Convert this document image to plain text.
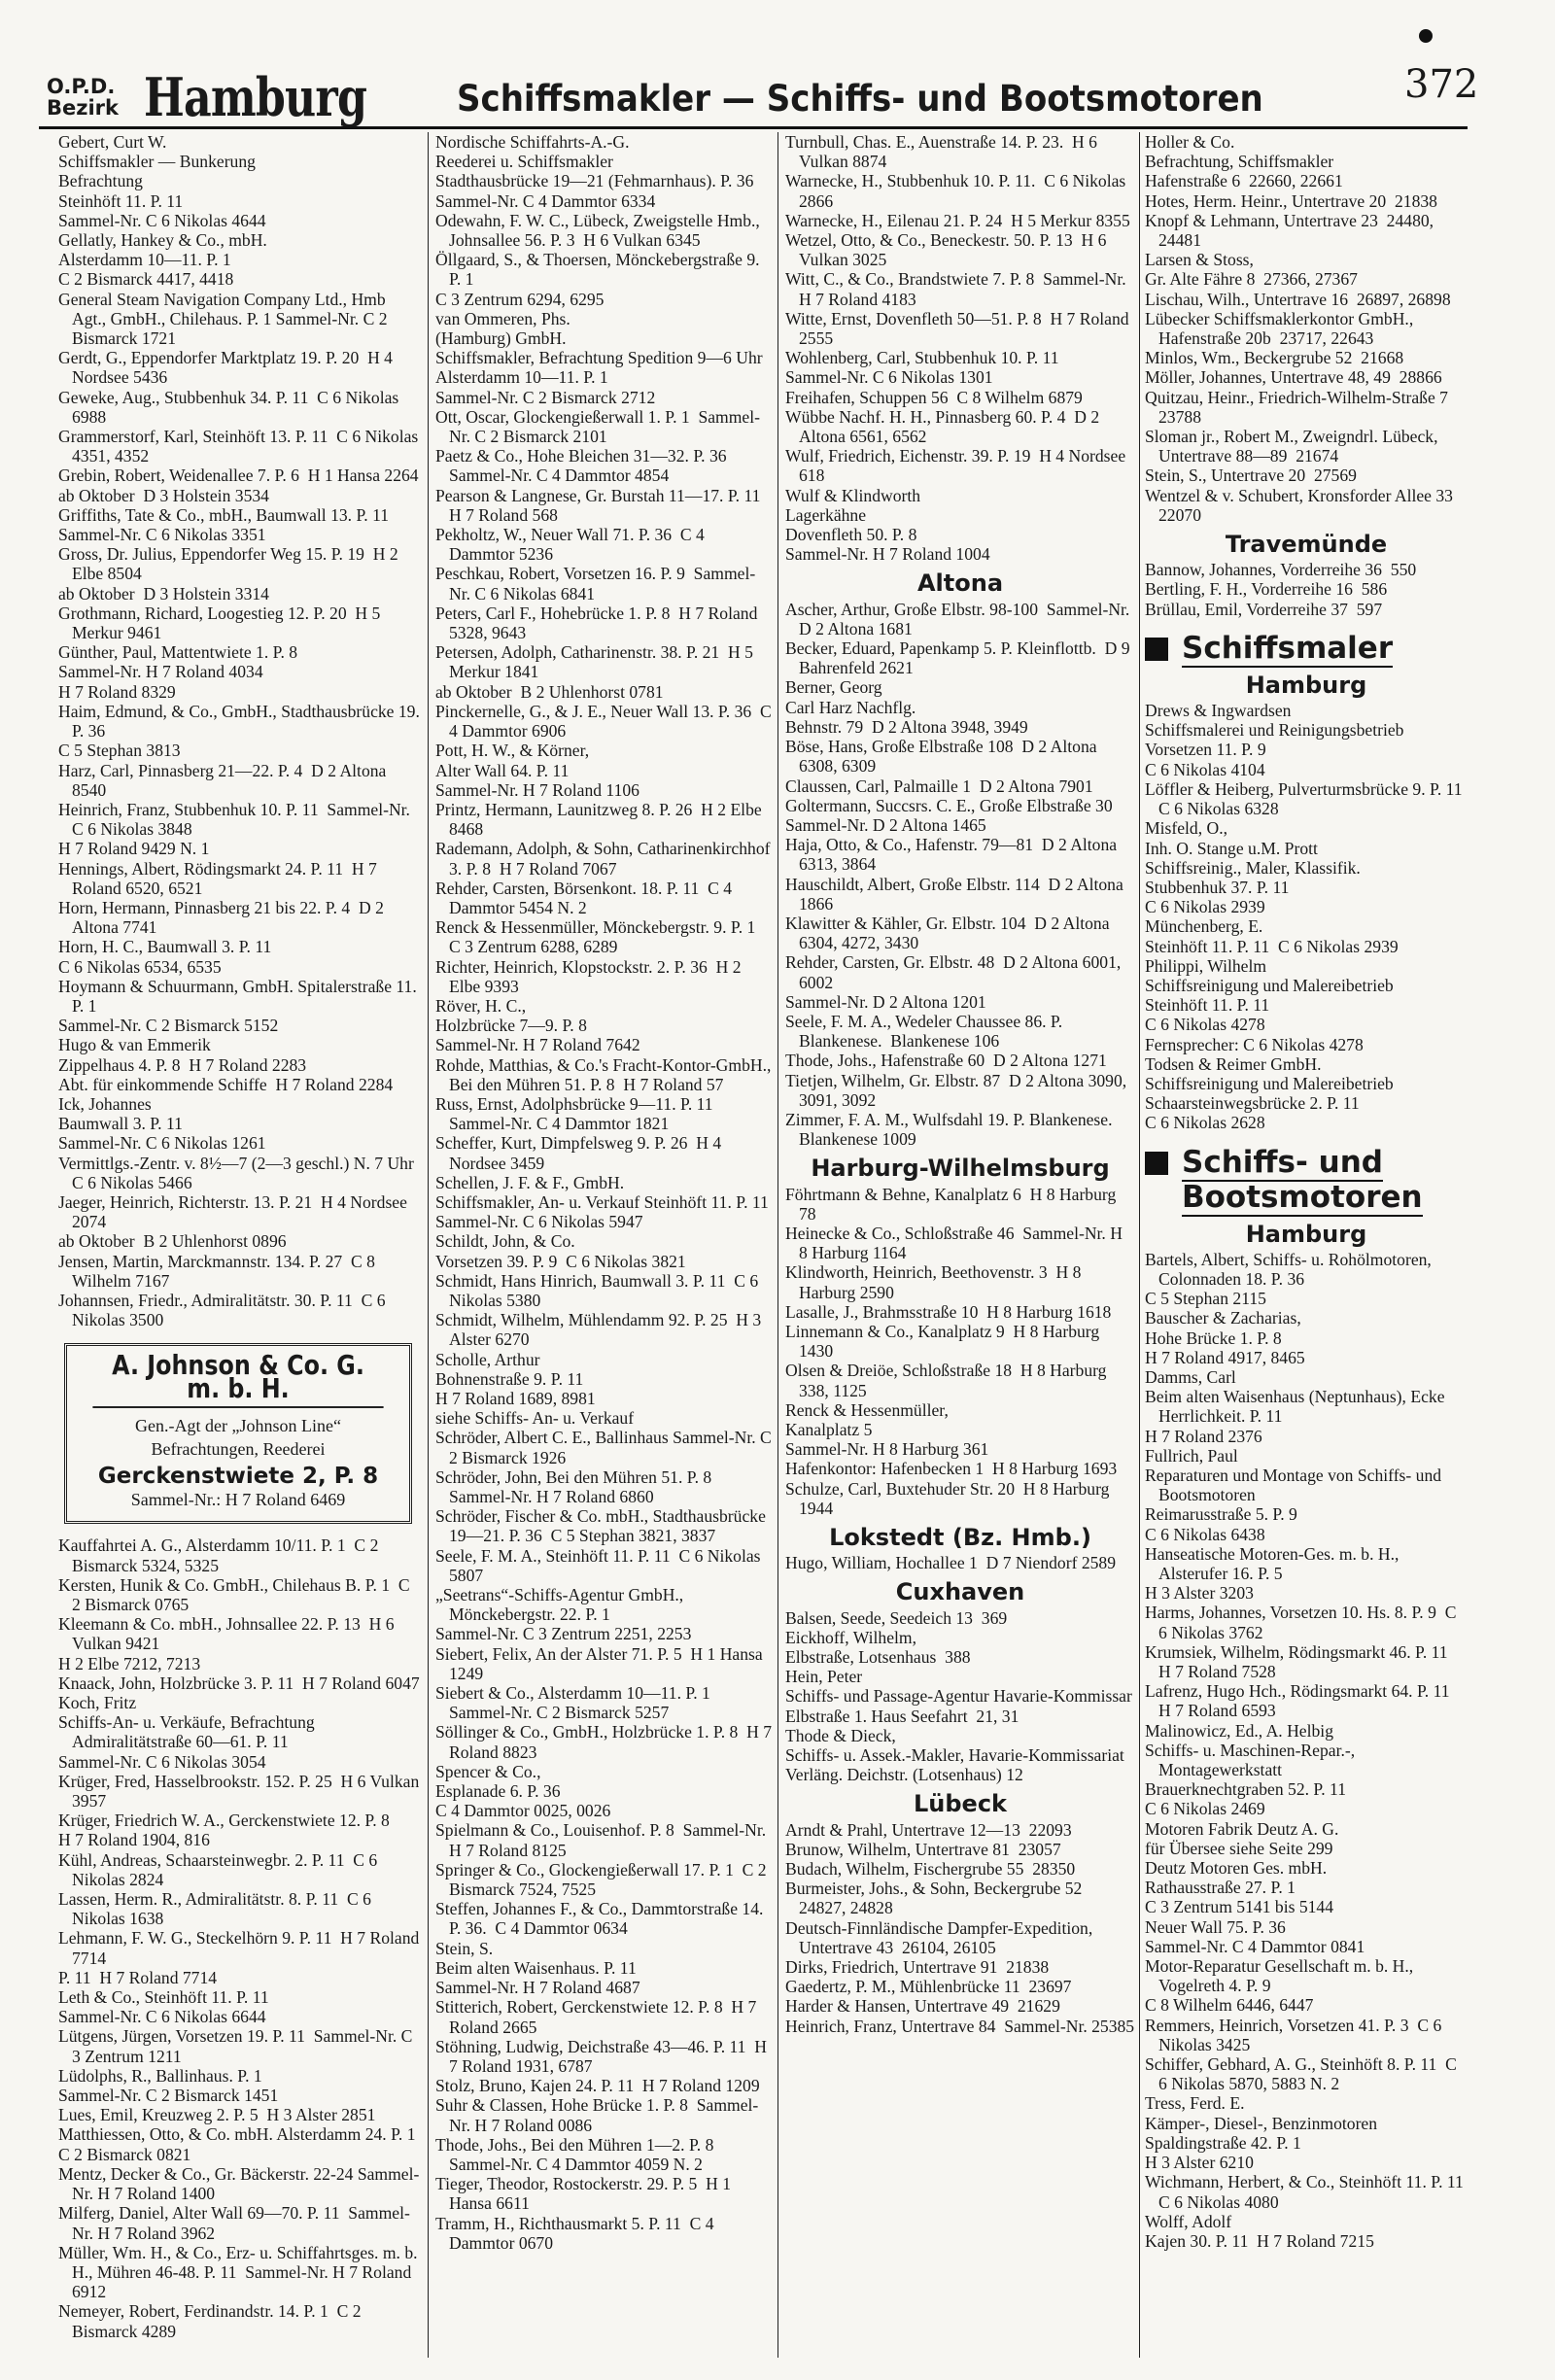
O.P.D.
Bezirk Hamburg	Schiffsmakler — Schiffs- und Bootsmotoren	372
Gebert, Curt W.
Schiffsmakler — Bunkerung
Befrachtung
Steinhöft 11. P. 11
Sammel-Nr. C 6 Nikolas 4644
Gellatly, Hankey & Co., mbH.
Alsterdamm 10—11. P. 1
C 2 Bismarck 4417, 4418
General Steam Navigation Company Ltd., Hmb Agt., GmbH., Chilehaus. P. 1 Sammel-Nr. C 2 Bismarck 1721
Gerdt, G., Eppendorfer Marktplatz 19. P. 20  H 4 Nordsee 5436
Geweke, Aug., Stubbenhuk 34. P. 11  C 6 Nikolas 6988
Grammerstorf, Karl, Steinhöft 13. P. 11  C 6 Nikolas 4351, 4352
Grebin, Robert, Weidenallee 7. P. 6  H 1 Hansa 2264
ab Oktober  D 3 Holstein 3534
Griffiths, Tate & Co., mbH., Baumwall 13. P. 11
Sammel-Nr. C 6 Nikolas 3351
Gross, Dr. Julius, Eppendorfer Weg 15. P. 19  H 2 Elbe 8504
ab Oktober  D 3 Holstein 3314
Grothmann, Richard, Loogestieg 12. P. 20  H 5 Merkur 9461
Günther, Paul, Mattentwiete 1. P. 8
Sammel-Nr. H 7 Roland 4034
H 7 Roland 8329
Haim, Edmund, & Co., GmbH., Stadthausbrücke 19. P. 36
C 5 Stephan 3813
Harz, Carl, Pinnasberg 21—22. P. 4  D 2 Altona 8540
Heinrich, Franz, Stubbenhuk 10. P. 11  Sammel-Nr. C 6 Nikolas 3848
H 7 Roland 9429 N. 1
Hennings, Albert, Rödingsmarkt 24. P. 11  H 7 Roland 6520, 6521
Horn, Hermann, Pinnasberg 21 bis 22. P. 4  D 2 Altona 7741
Horn, H. C., Baumwall 3. P. 11
C 6 Nikolas 6534, 6535
Hoymann & Schuurmann, GmbH. Spitalerstraße 11. P. 1
Sammel-Nr. C 2 Bismarck 5152
Hugo & van Emmerik
Zippelhaus 4. P. 8  H 7 Roland 2283
Abt. für einkommende Schiffe  H 7 Roland 2284
Ick, Johannes
Baumwall 3. P. 11
Sammel-Nr. C 6 Nikolas 1261
Vermittlgs.-Zentr. v. 8½—7 (2—3 geschl.) N. 7 Uhr C 6 Nikolas 5466
Jaeger, Heinrich, Richterstr. 13. P. 21  H 4 Nordsee 2074
ab Oktober  B 2 Uhlenhorst 0896
Jensen, Martin, Marckmannstr. 134. P. 27  C 8 Wilhelm 7167
Johannsen, Friedr., Admiralitätstr. 30. P. 11  C 6 Nikolas 3500
A. Johnson & Co. G. m. b. H.
Gen.-Agt der „Johnson Line“
Befrachtungen, Reederei
Gerckenstwiete 2, P. 8
Sammel-Nr.: H 7 Roland 6469
Kauffahrtei A. G., Alsterdamm 10/11. P. 1  C 2 Bismarck 5324, 5325
Kersten, Hunik & Co. GmbH., Chilehaus B. P. 1  C 2 Bismarck 0765
Kleemann & Co. mbH., Johnsallee 22. P. 13  H 6 Vulkan 9421
H 2 Elbe 7212, 7213
Knaack, John, Holzbrücke 3. P. 11  H 7 Roland 6047
Koch, Fritz
Schiffs-An- u. Verkäufe, Befrachtung Admiralitätstraße 60—61. P. 11
Sammel-Nr. C 6 Nikolas 3054
Krüger, Fred, Hasselbrookstr. 152. P. 25  H 6 Vulkan 3957
Krüger, Friedrich W. A., Gerckenstwiete 12. P. 8
H 7 Roland 1904, 816
Kühl, Andreas, Schaarsteinwegbr. 2. P. 11  C 6 Nikolas 2824
Lassen, Herm. R., Admiralitätstr. 8. P. 11  C 6 Nikolas 1638
Lehmann, F. W. G., Steckelhörn 9. P. 11  H 7 Roland 7714
P. 11  H 7 Roland 7714
Leth & Co., Steinhöft 11. P. 11
Sammel-Nr. C 6 Nikolas 6644
Lütgens, Jürgen, Vorsetzen 19. P. 11  Sammel-Nr. C 3 Zentrum 1211
Lüdolphs, R., Ballinhaus. P. 1
Sammel-Nr. C 2 Bismarck 1451
Lues, Emil, Kreuzweg 2. P. 5  H 3 Alster 2851
Matthiessen, Otto, & Co. mbH. Alsterdamm 24. P. 1
C 2 Bismarck 0821
Mentz, Decker & Co., Gr. Bäckerstr. 22-24 Sammel-Nr. H 7 Roland 1400
Milferg, Daniel, Alter Wall 69—70. P. 11  Sammel-Nr. H 7 Roland 3962
Müller, Wm. H., & Co., Erz- u. Schiffahrtsges. m. b. H., Mühren 46-48. P. 11  Sammel-Nr. H 7 Roland 6912
Nemeyer, Robert, Ferdinandstr. 14. P. 1  C 2 Bismarck 4289
Nordische Schiffahrts-A.-G.
Reederei u. Schiffsmakler
Stadthausbrücke 19—21 (Fehmarnhaus). P. 36
Sammel-Nr. C 4 Dammtor 6334
Odewahn, F. W. C., Lübeck, Zweigstelle Hmb., Johnsallee 56. P. 3  H 6 Vulkan 6345
Öllgaard, S., & Thoersen, Mönckebergstraße 9. P. 1
C 3 Zentrum 6294, 6295
van Ommeren, Phs.
(Hamburg) GmbH.
Schiffsmakler, Befrachtung Spedition 9—6 Uhr
Alsterdamm 10—11. P. 1
Sammel-Nr. C 2 Bismarck 2712
Ott, Oscar, Glockengießerwall 1. P. 1  Sammel-Nr. C 2 Bismarck 2101
Paetz & Co., Hohe Bleichen 31—32. P. 36 Sammel-Nr. C 4 Dammtor 4854
Pearson & Langnese, Gr. Burstah 11—17. P. 11  H 7 Roland 568
Pekholtz, W., Neuer Wall 71. P. 36  C 4 Dammtor 5236
Peschkau, Robert, Vorsetzen 16. P. 9  Sammel-Nr. C 6 Nikolas 6841
Peters, Carl F., Hohebrücke 1. P. 8  H 7 Roland 5328, 9643
Petersen, Adolph, Catharinenstr. 38. P. 21  H 5 Merkur 1841
ab Oktober  B 2 Uhlenhorst 0781
Pinckernelle, G., & J. E., Neuer Wall 13. P. 36  C 4 Dammtor 6906
Pott, H. W., & Körner,
Alter Wall 64. P. 11
Sammel-Nr. H 7 Roland 1106
Printz, Hermann, Launitzweg 8. P. 26  H 2 Elbe 8468
Rademann, Adolph, & Sohn, Catharinenkirchhof 3. P. 8  H 7 Roland 7067
Rehder, Carsten, Börsenkont. 18. P. 11  C 4 Dammtor 5454 N. 2
Renck & Hessenmüller, Mönckebergstr. 9. P. 1  C 3 Zentrum 6288, 6289
Richter, Heinrich, Klopstockstr. 2. P. 36  H 2 Elbe 9393
Röver, H. C.,
Holzbrücke 7—9. P. 8
Sammel-Nr. H 7 Roland 7642
Rohde, Matthias, & Co.'s Fracht-Kontor-GmbH., Bei den Mühren 51. P. 8  H 7 Roland 57
Russ, Ernst, Adolphsbrücke 9—11. P. 11  Sammel-Nr. C 4 Dammtor 1821
Scheffer, Kurt, Dimpfelsweg 9. P. 26  H 4 Nordsee 3459
Schellen, J. F. & F., GmbH.
Schiffsmakler, An- u. Verkauf Steinhöft 11. P. 11
Sammel-Nr. C 6 Nikolas 5947
Schildt, John, & Co.
Vorsetzen 39. P. 9  C 6 Nikolas 3821
Schmidt, Hans Hinrich, Baumwall 3. P. 11  C 6 Nikolas 5380
Schmidt, Wilhelm, Mühlendamm 92. P. 25  H 3 Alster 6270
Scholle, Arthur
Bohnenstraße 9. P. 11
H 7 Roland 1689, 8981
siehe Schiffs- An- u. Verkauf
Schröder, Albert C. E., Ballinhaus Sammel-Nr. C 2 Bismarck 1926
Schröder, John, Bei den Mühren 51. P. 8  Sammel-Nr. H 7 Roland 6860
Schröder, Fischer & Co. mbH., Stadthausbrücke 19—21. P. 36  C 5 Stephan 3821, 3837
Seele, F. M. A., Steinhöft 11. P. 11  C 6 Nikolas 5807
„Seetrans“-Schiffs-Agentur GmbH., Mönckebergstr. 22. P. 1
Sammel-Nr. C 3 Zentrum 2251, 2253
Siebert, Felix, An der Alster 71. P. 5  H 1 Hansa 1249
Siebert & Co., Alsterdamm 10—11. P. 1  Sammel-Nr. C 2 Bismarck 5257
Söllinger & Co., GmbH., Holzbrücke 1. P. 8  H 7 Roland 8823
Spencer & Co.,
Esplanade 6. P. 36
C 4 Dammtor 0025, 0026
Spielmann & Co., Louisenhof. P. 8  Sammel-Nr. H 7 Roland 8125
Springer & Co., Glockengießerwall 17. P. 1  C 2 Bismarck 7524, 7525
Steffen, Johannes F., & Co., Dammtorstraße 14. P. 36.  C 4 Dammtor 0634
Stein, S.
Beim alten Waisenhaus. P. 11
Sammel-Nr. H 7 Roland 4687
Stitterich, Robert, Gerckenstwiete 12. P. 8  H 7 Roland 2665
Stöhning, Ludwig, Deichstraße 43—46. P. 11  H 7 Roland 1931, 6787
Stolz, Bruno, Kajen 24. P. 11  H 7 Roland 1209
Suhr & Classen, Hohe Brücke 1. P. 8  Sammel-Nr. H 7 Roland 0086
Thode, Johs., Bei den Mühren 1—2. P. 8  Sammel-Nr. C 4 Dammtor 4059 N. 2
Tieger, Theodor, Rostockerstr. 29. P. 5  H 1 Hansa 6611
Tramm, H., Richthausmarkt 5. P. 11  C 4 Dammtor 0670
Turnbull, Chas. E., Auenstraße 14. P. 23.  H 6 Vulkan 8874
Warnecke, H., Stubbenhuk 10. P. 11.  C 6 Nikolas 2866
Warnecke, H., Eilenau 21. P. 24  H 5 Merkur 8355
Wetzel, Otto, & Co., Beneckestr. 50. P. 13  H 6 Vulkan 3025
Witt, C., & Co., Brandstwiete 7. P. 8  Sammel-Nr. H 7 Roland 4183
Witte, Ernst, Dovenfleth 50—51. P. 8  H 7 Roland 2555
Wohlenberg, Carl, Stubbenhuk 10. P. 11
Sammel-Nr. C 6 Nikolas 1301
Freihafen, Schuppen 56  C 8 Wilhelm 6879
Wübbe Nachf. H. H., Pinnasberg 60. P. 4  D 2 Altona 6561, 6562
Wulf, Friedrich, Eichenstr. 39. P. 19  H 4 Nordsee 618
Wulf & Klindworth
Lagerkähne
Dovenfleth 50. P. 8
Sammel-Nr. H 7 Roland 1004
Altona
Ascher, Arthur, Große Elbstr. 98-100  Sammel-Nr. D 2 Altona 1681
Becker, Eduard, Papenkamp 5. P. Kleinflottb.  D 9 Bahrenfeld 2621
Berner, Georg
Carl Harz Nachflg.
Behnstr. 79  D 2 Altona 3948, 3949
Böse, Hans, Große Elbstraße 108  D 2 Altona 6308, 6309
Claussen, Carl, Palmaille 1  D 2 Altona 7901
Goltermann, Succsrs. C. E., Große Elbstraße 30
Sammel-Nr. D 2 Altona 1465
Haja, Otto, & Co., Hafenstr. 79—81  D 2 Altona 6313, 3864
Hauschildt, Albert, Große Elbstr. 114  D 2 Altona 1866
Klawitter & Kähler, Gr. Elbstr. 104  D 2 Altona 6304, 4272, 3430
Rehder, Carsten, Gr. Elbstr. 48  D 2 Altona 6001, 6002
Sammel-Nr. D 2 Altona 1201
Seele, F. M. A., Wedeler Chaussee 86. P. Blankenese.  Blankenese 106
Thode, Johs., Hafenstraße 60  D 2 Altona 1271
Tietjen, Wilhelm, Gr. Elbstr. 87  D 2 Altona 3090, 3091, 3092
Zimmer, F. A. M., Wulfsdahl 19. P. Blankenese.  Blankenese 1009
Harburg-Wilhelmsburg
Föhrtmann & Behne, Kanalplatz 6  H 8 Harburg 78
Heinecke & Co., Schloßstraße 46  Sammel-Nr. H 8 Harburg 1164
Klindworth, Heinrich, Beethovenstr. 3  H 8 Harburg 2590
Lasalle, J., Brahmsstraße 10  H 8 Harburg 1618
Linnemann & Co., Kanalplatz 9  H 8 Harburg 1430
Olsen & Dreiöe, Schloßstraße 18  H 8 Harburg 338, 1125
Renck & Hessenmüller,
Kanalplatz 5
Sammel-Nr. H 8 Harburg 361
Hafenkontor: Hafenbecken 1  H 8 Harburg 1693
Schulze, Carl, Buxtehuder Str. 20  H 8 Harburg 1944
Lokstedt (Bz. Hmb.)
Hugo, William, Hochallee 1  D 7 Niendorf 2589
Cuxhaven
Balsen, Seede, Seedeich 13  369
Eickhoff, Wilhelm,
Elbstraße, Lotsenhaus  388
Hein, Peter
Schiffs- und Passage-Agentur Havarie-Kommissar
Elbstraße 1. Haus Seefahrt  21, 31
Thode & Dieck,
Schiffs- u. Assek.-Makler, Havarie-Kommissariat
Verläng. Deichstr. (Lotsenhaus) 12
Lübeck
Arndt & Prahl, Untertrave 12—13  22093
Brunow, Wilhelm, Untertrave 81  23057
Budach, Wilhelm, Fischergrube 55  28350
Burmeister, Johs., & Sohn, Beckergrube 52  24827, 24828
Deutsch-Finnländische Dampfer-Expedition, Untertrave 43  26104, 26105
Dirks, Friedrich, Untertrave 91  21838
Gaedertz, P. M., Mühlenbrücke 11  23697
Harder & Hansen, Untertrave 49  21629
Heinrich, Franz, Untertrave 84  Sammel-Nr. 25385
Holler & Co.
Befrachtung, Schiffsmakler
Hafenstraße 6  22660, 22661
Hotes, Herm. Heinr., Untertrave 20  21838
Knopf & Lehmann, Untertrave 23  24480, 24481
Larsen & Stoss,
Gr. Alte Fähre 8  27366, 27367
Lischau, Wilh., Untertrave 16  26897, 26898
Lübecker Schiffsmaklerkontor GmbH., Hafenstraße 20b  23717, 22643
Minlos, Wm., Beckergrube 52  21668
Möller, Johannes, Untertrave 48, 49  28866
Quitzau, Heinr., Friedrich-Wilhelm-Straße 7  23788
Sloman jr., Robert M., Zweigndrl. Lübeck, Untertrave 88—89  21674
Stein, S., Untertrave 20  27569
Wentzel & v. Schubert, Kronsforder Allee 33  22070
Travemünde
Bannow, Johannes, Vorderreihe 36  550
Bertling, F. H., Vorderreihe 16  586
Brüllau, Emil, Vorderreihe 37  597
Schiffsmaler
Hamburg
Drews & Ingwardsen
Schiffsmalerei und Reinigungsbetrieb
Vorsetzen 11. P. 9
C 6 Nikolas 4104
Löffler & Heiberg, Pulverturmsbrücke 9. P. 11  C 6 Nikolas 6328
Misfeld, O.,
Inh. O. Stange u.M. Prott
Schiffsreinig., Maler, Klassifik.
Stubbenhuk 37. P. 11
C 6 Nikolas 2939
Münchenberg, E.
Steinhöft 11. P. 11  C 6 Nikolas 2939
Philippi, Wilhelm
Schiffsreinigung und Malereibetrieb
Steinhöft 11. P. 11
C 6 Nikolas 4278
Fernsprecher: C 6 Nikolas 4278
Todsen & Reimer GmbH.
Schiffsreinigung und Malereibetrieb
Schaarsteinwegsbrücke 2. P. 11
C 6 Nikolas 2628
Schiffs- und
Bootsmotoren
Hamburg
Bartels, Albert, Schiffs- u. Rohölmotoren, Colonnaden 18. P. 36
C 5 Stephan 2115
Bauscher & Zacharias,
Hohe Brücke 1. P. 8
H 7 Roland 4917, 8465
Damms, Carl
Beim alten Waisenhaus (Neptunhaus), Ecke Herrlichkeit. P. 11
H 7 Roland 2376
Fullrich, Paul
Reparaturen und Montage von Schiffs- und Bootsmotoren
Reimarusstraße 5. P. 9
C 6 Nikolas 6438
Hanseatische Motoren-Ges. m. b. H., Alsterufer 16. P. 5
H 3 Alster 3203
Harms, Johannes, Vorsetzen 10. Hs. 8. P. 9  C 6 Nikolas 3762
Krumsiek, Wilhelm, Rödingsmarkt 46. P. 11  H 7 Roland 7528
Lafrenz, Hugo Hch., Rödingsmarkt 64. P. 11  H 7 Roland 6593
Malinowicz, Ed., A. Helbig
Schiffs- u. Maschinen-Repar.-, Montagewerkstatt
Brauerknechtgraben 52. P. 11
C 6 Nikolas 2469
Motoren Fabrik Deutz A. G.
für Übersee siehe Seite 299
Deutz Motoren Ges. mbH.
Rathausstraße 27. P. 1
C 3 Zentrum 5141 bis 5144
Neuer Wall 75. P. 36
Sammel-Nr. C 4 Dammtor 0841
Motor-Reparatur Gesellschaft m. b. H., Vogelreth 4. P. 9
C 8 Wilhelm 6446, 6447
Remmers, Heinrich, Vorsetzen 41. P. 3  C 6 Nikolas 3425
Schiffer, Gebhard, A. G., Steinhöft 8. P. 11  C 6 Nikolas 5870, 5883 N. 2
Tress, Ferd. E.
Kämper-, Diesel-, Benzinmotoren
Spaldingstraße 42. P. 1
H 3 Alster 6210
Wichmann, Herbert, & Co., Steinhöft 11. P. 11  C 6 Nikolas 4080
Wolff, Adolf
Kajen 30. P. 11  H 7 Roland 7215
